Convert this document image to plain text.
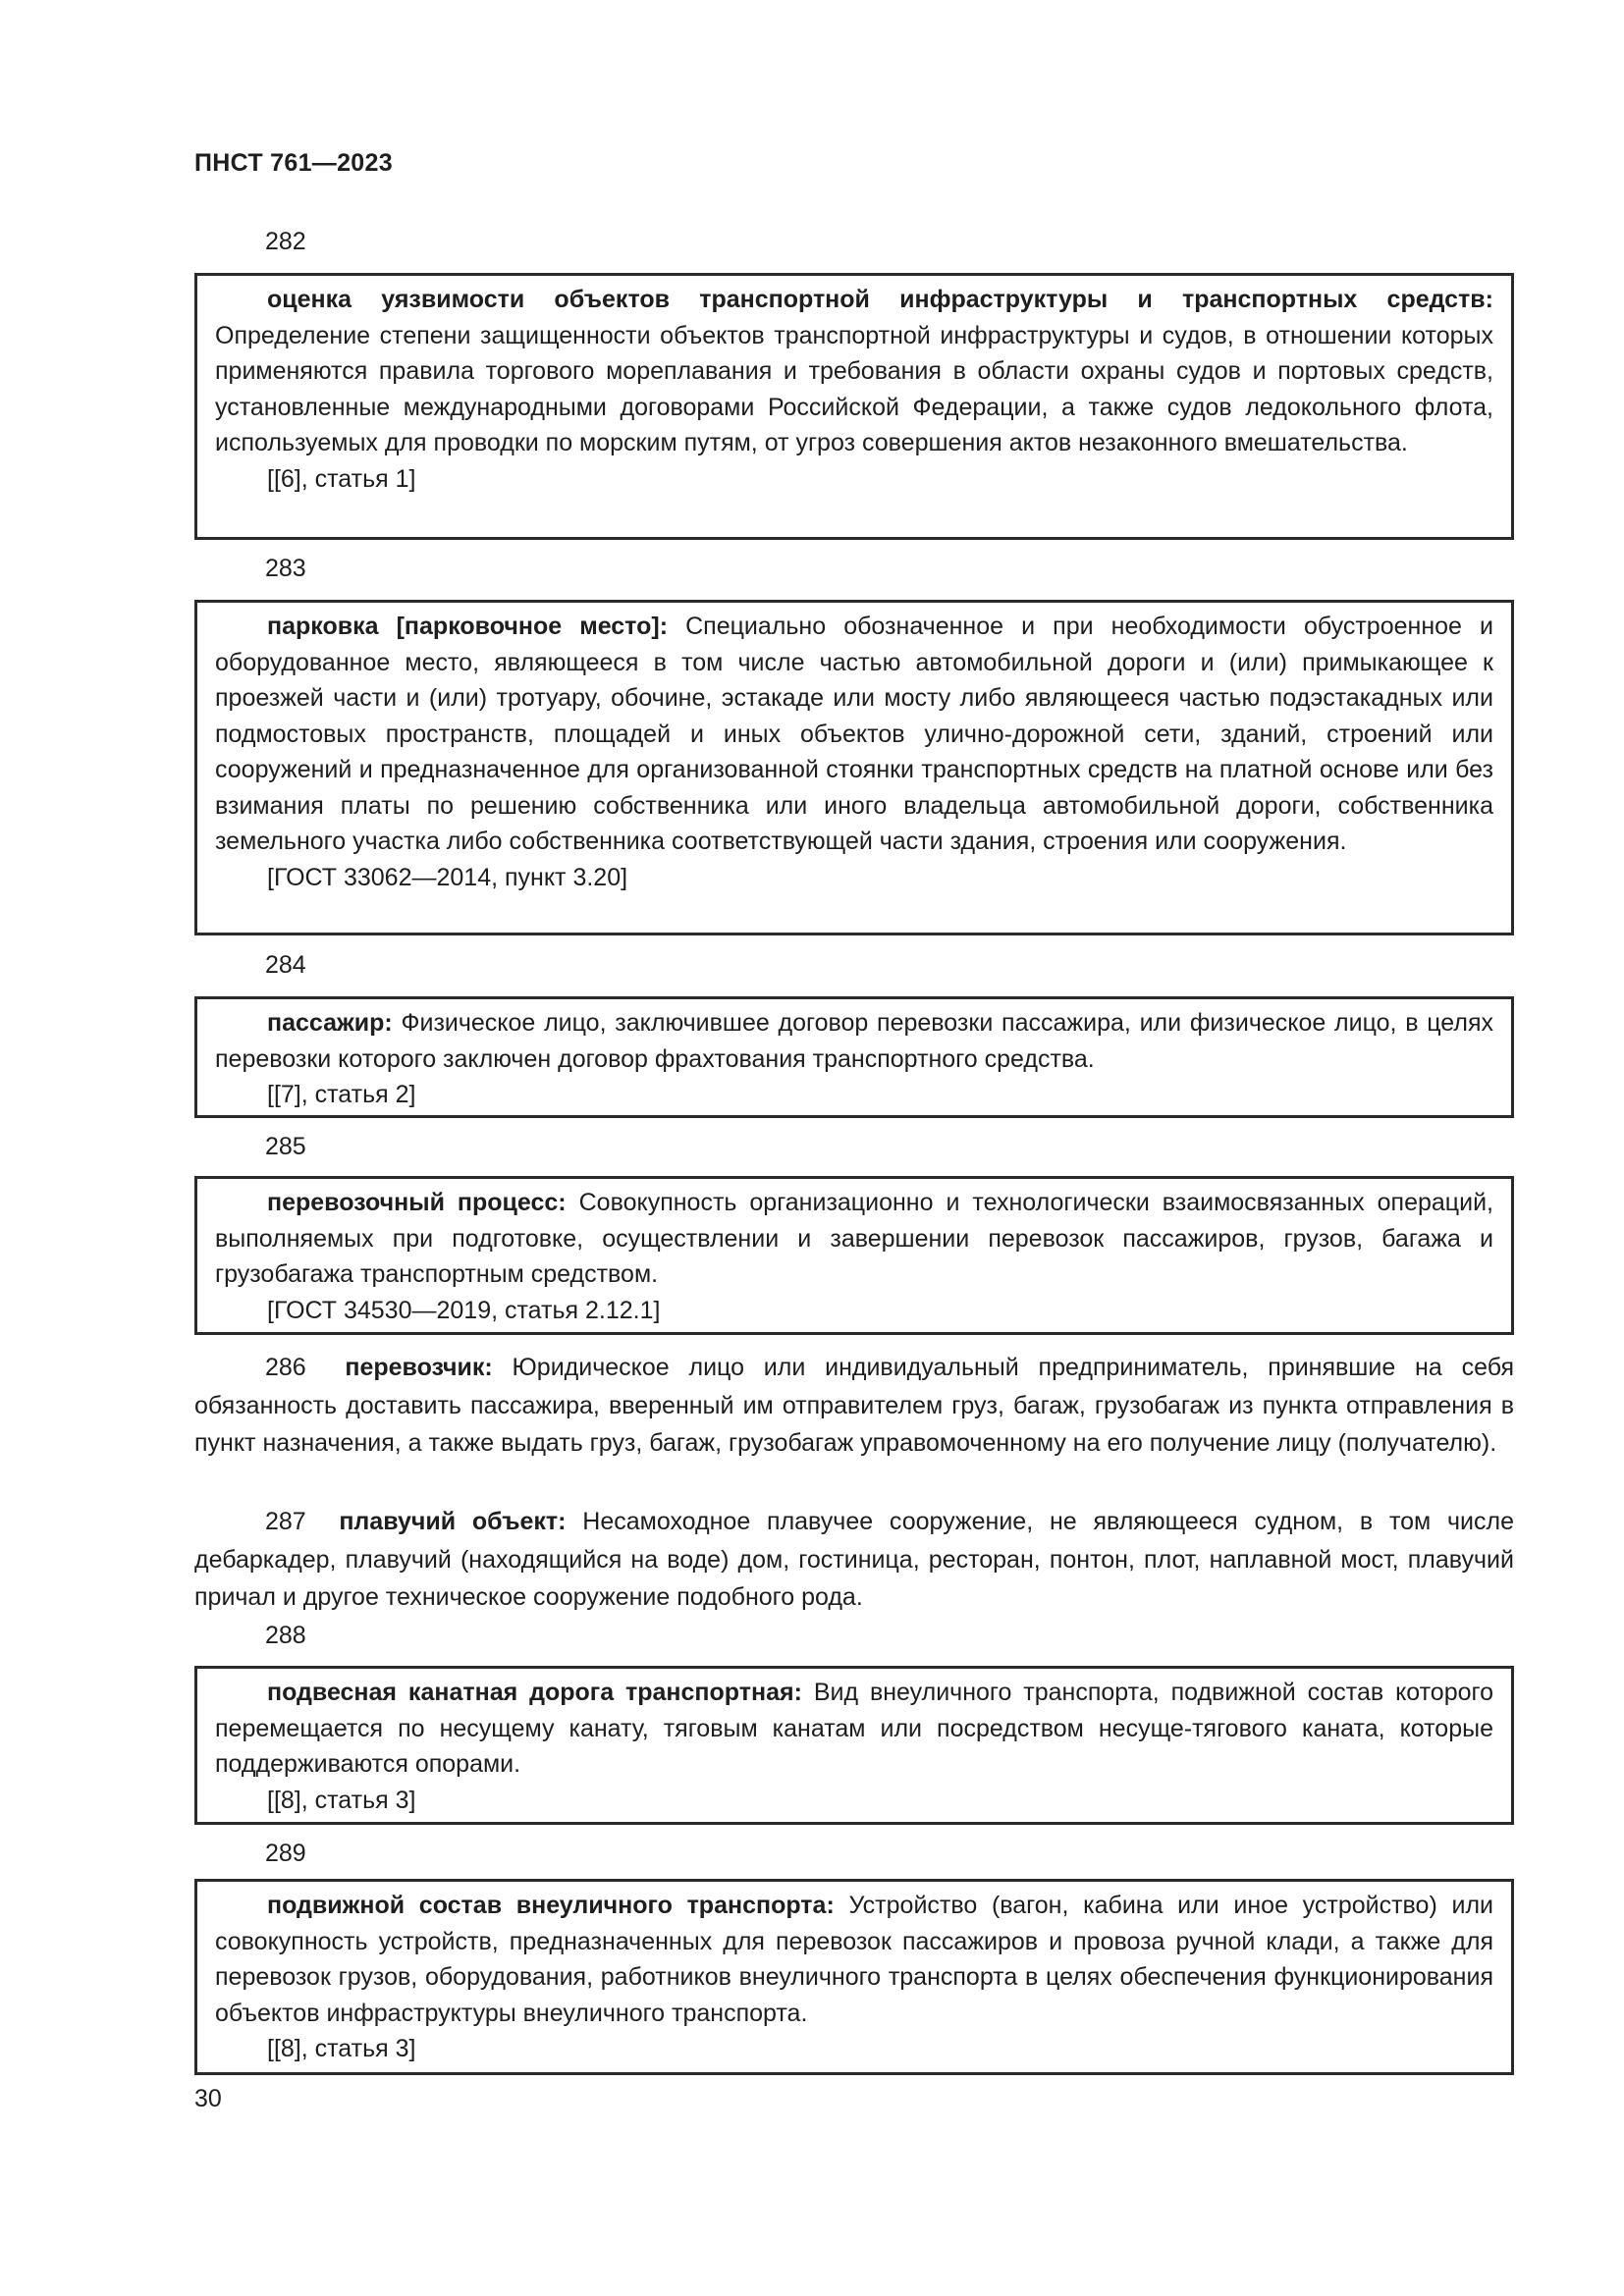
ПНСТ 761—2023
282

оценка уязвимости объектов транспортной инфраструктуры и транспортных средств: Определение степени защищенности объектов транспортной инфраструктуры и судов, в отношении которых применяются правила торгового мореплавания и требования в области охраны судов и портовых средств, установленные международными договорами Российской Федерации, а также судов ледокольного флота, используемых для проводки по морским путям, от угроз совершения актов незаконного вмешательства.

[[6], статья 1]

283

парковка [парковочное место]: Специально обозначенное и при необходимости обустроенное и оборудованное место, являющееся в том числе частью автомобильной дороги и (или) примыкающее к проезжей части и (или) тротуару, обочине, эстакаде или мосту либо являющееся частью подэстакадных или подмостовых пространств, площадей и иных объектов улично-дорожной сети, зданий, строений или сооружений и предназначенное для организованной стоянки транспортных средств на платной основе или без взимания платы по решению собственника или иного владельца автомобильной дороги, собственника земельного участка либо собственника соответствующей части здания, строения или сооружения.

[ГОСТ 33062—2014, пункт 3.20]

284

пассажир: Физическое лицо, заключившее договор перевозки пассажира, или физическое лицо, в целях перевозки которого заключен договор фрахтования транспортного средства.

[[7], статья 2]

285

перевозочный процесс: Совокупность организационно и технологически взаимосвязанных операций, выполняемых при подготовке, осуществлении и завершении перевозок пассажиров, грузов, багажа и грузобагажа транспортным средством.

[ГОСТ 34530—2019, статья 2.12.1]

286 перевозчик: Юридическое лицо или индивидуальный предприниматель, принявшие на себя обязанность доставить пассажира, вверенный им отправителем груз, багаж, грузобагаж из пункта отправления в пункт назначения, а также выдать груз, багаж, грузобагаж управомоченному на его получение лицу (получателю).

287 плавучий объект: Несамоходное плавучее сооружение, не являющееся судном, в том числе дебаркадер, плавучий (находящийся на воде) дом, гостиница, ресторан, понтон, плот, наплавной мост, плавучий причал и другое техническое сооружение подобного рода.

288

подвесная канатная дорога транспортная: Вид внеуличного транспорта, подвижной состав которого перемещается по несущему канату, тяговым канатам или посредством несуще-тягового каната, которые поддерживаются опорами.

[[8], статья 3]

289

подвижной состав внеуличного транспорта: Устройство (вагон, кабина или иное устройство) или совокупность устройств, предназначенных для перевозок пассажиров и провоза ручной клади, а также для перевозок грузов, оборудования, работников внеуличного транспорта в целях обеспечения функционирования объектов инфраструктуры внеуличного транспорта.

[[8], статья 3]

30
